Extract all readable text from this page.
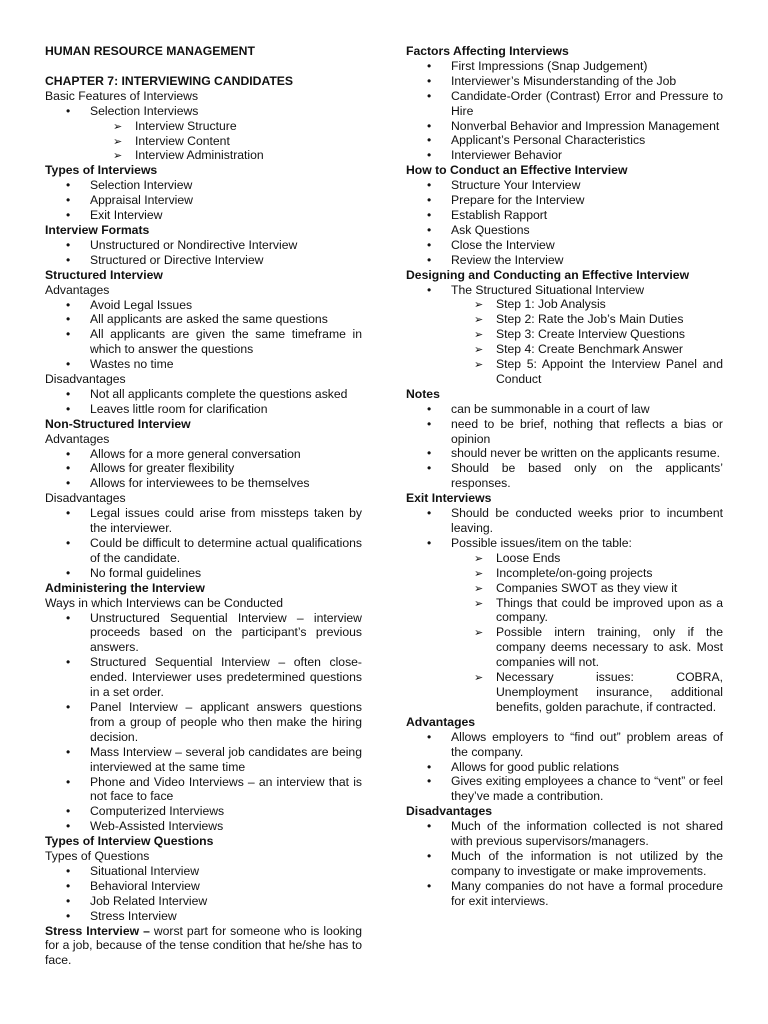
HUMAN RESOURCE MANAGEMENT

CHAPTER 7: INTERVIEWING CANDIDATES

Basic Features of Interviews

•
Selection Interviews
➢
Interview Structure
➢
Interview Content
➢
Interview Administration

Types of Interviews

•
Selection Interview
•
Appraisal Interview
•
Exit Interview

Interview Formats

•
Unstructured or Nondirective Interview
•
Structured or Directive Interview

Structured Interview

Advantages

•
Avoid Legal Issues
•
All applicants are asked the same questions
•
All applicants are given the same timeframe in which to answer the questions
•
Wastes no time

Disadvantages

•
Not all applicants complete the questions asked
•
Leaves little room for clarification

Non-Structured Interview

Advantages

•
Allows for a more general conversation
•
Allows for greater flexibility
•
Allows for interviewees to be themselves

Disadvantages

•
Legal issues could arise from missteps taken by the interviewer.
•
Could be difficult to determine actual qualifications of the candidate.
•
No formal guidelines

Administering the Interview

Ways in which Interviews can be Conducted

•
Unstructured Sequential Interview – interview proceeds based on the participant’s previous answers.
•
Structured Sequential Interview – often close-ended. Interviewer uses predetermined questions in a set order.
•
Panel Interview – applicant answers questions from a group of people who then make the hiring decision.
•
Mass Interview – several job candidates are being interviewed at the same time
•
Phone and Video Interviews – an interview that is not face to face
•
Computerized Interviews
•
Web-Assisted Interviews

Types of Interview Questions

Types of Questions

•
Situational Interview
•
Behavioral Interview
•
Job Related Interview
•
Stress Interview

Stress Interview – worst part for someone who is looking for a job, because of the tense condition that he/she has to face.

Factors Affecting Interviews

•
First Impressions (Snap Judgement)
•
Interviewer’s Misunderstanding of the Job
•
Candidate-Order (Contrast) Error and Pressure to Hire
•
Nonverbal Behavior and Impression Management
•
Applicant’s Personal Characteristics
•
Interviewer Behavior

How to Conduct an Effective Interview

•
Structure Your Interview
•
Prepare for the Interview
•
Establish Rapport
•
Ask Questions
•
Close the Interview
•
Review the Interview

Designing and Conducting an Effective Interview

•
The Structured Situational Interview
➢
Step 1: Job Analysis
➢
Step 2: Rate the Job’s Main Duties
➢
Step 3: Create Interview Questions
➢
Step 4: Create Benchmark Answer
➢
Step 5: Appoint the Interview Panel and Conduct

Notes

•
can be summonable in a court of law
•
need to be brief, nothing that reflects a bias or opinion
•
should never be written on the applicants resume.
•
Should be based only on the applicants’ responses.

Exit Interviews

•
Should be conducted weeks prior to incumbent leaving.
•
Possible issues/item on the table:
➢
Loose Ends
➢
Incomplete/on-going projects
➢
Companies SWOT as they view it
➢
Things that could be improved upon as a company.
➢
Possible intern training, only if the company deems necessary to ask. Most companies will not.
➢
Necessary issues: COBRA, Unemployment insurance, additional benefits, golden parachute, if contracted.

Advantages

•
Allows employers to “find out” problem areas of the company.
•
Allows for good public relations
•
Gives exiting employees a chance to “vent” or feel they’ve made a contribution.

Disadvantages

•
Much of the information collected is not shared with previous supervisors/managers.
•
Much of the information is not utilized by the company to investigate or make improvements.
•
Many companies do not have a formal procedure for exit interviews.
